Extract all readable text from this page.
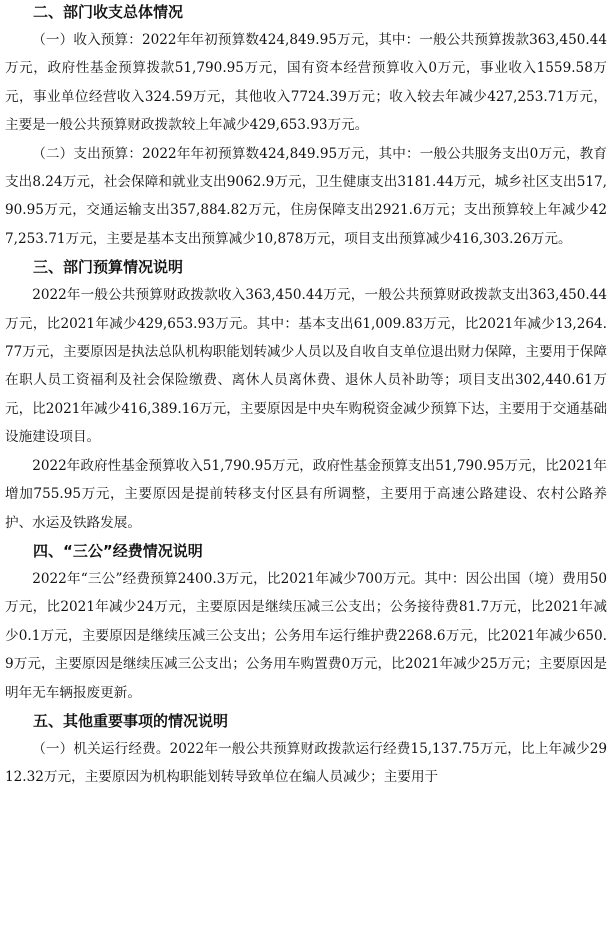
二、部门收支总体情况

（一）收入预算：2022年年初预算数424,849.95万元，其中：一般公共预算拨款363,450.44万元，政府性基金预算拨款51,790.95万元，国有资本经营预算收入0万元，事业收入1559.58万元，事业单位经营收入324.59万元，其他收入7724.39万元；收入较去年减少427,253.71万元，主要是一般公共预算财政拨款较上年减少429,653.93万元。

（二）支出预算：2022年年初预算数424,849.95万元，其中：一般公共服务支出0万元，教育支出8.24万元，社会保障和就业支出9062.9万元，卫生健康支出3181.44万元，城乡社区支出517,90.95万元，交通运输支出357,884.82万元，住房保障支出2921.6万元；支出预算较上年减少427,253.71万元，主要是基本支出预算减少10,878万元，项目支出预算减少416,303.26万元。

三、部门预算情况说明

2022年一般公共预算财政拨款收入363,450.44万元，一般公共预算财政拨款支出363,450.44万元，比2021年减少429,653.93万元。其中：基本支出61,009.83万元，比2021年减少13,264.77万元，主要原因是执法总队机构职能划转减少人员以及自收自支单位退出财力保障，主要用于保障在职人员工资福利及社会保险缴费、离休人员离休费、退休人员补助等；项目支出302,440.61万元，比2021年减少416,389.16万元，主要原因是中央车购税资金减少预算下达，主要用于交通基础设施建设项目。

2022年政府性基金预算收入51,790.95万元，政府性基金预算支出51,790.95万元，比2021年增加755.95万元，主要原因是提前转移支付区县有所调整，主要用于高速公路建设、农村公路养护、水运及铁路发展。

四、“三公”经费情况说明

2022年“三公”经费预算2400.3万元，比2021年减少700万元。其中：因公出国（境）费用50万元，比2021年减少24万元，主要原因是继续压减三公支出；公务接待费81.7万元，比2021年减少0.1万元，主要原因是继续压减三公支出；公务用车运行维护费2268.6万元，比2021年减少650.9万元，主要原因是继续压减三公支出；公务用车购置费0万元，比2021年减少25万元；主要原因是明年无车辆报废更新。

五、其他重要事项的情况说明

（一）机关运行经费。2022年一般公共预算财政拨款运行经费15,137.75万元，比上年减少2912.32万元，主要原因为机构职能划转导致单位在编人员减少；主要用于
